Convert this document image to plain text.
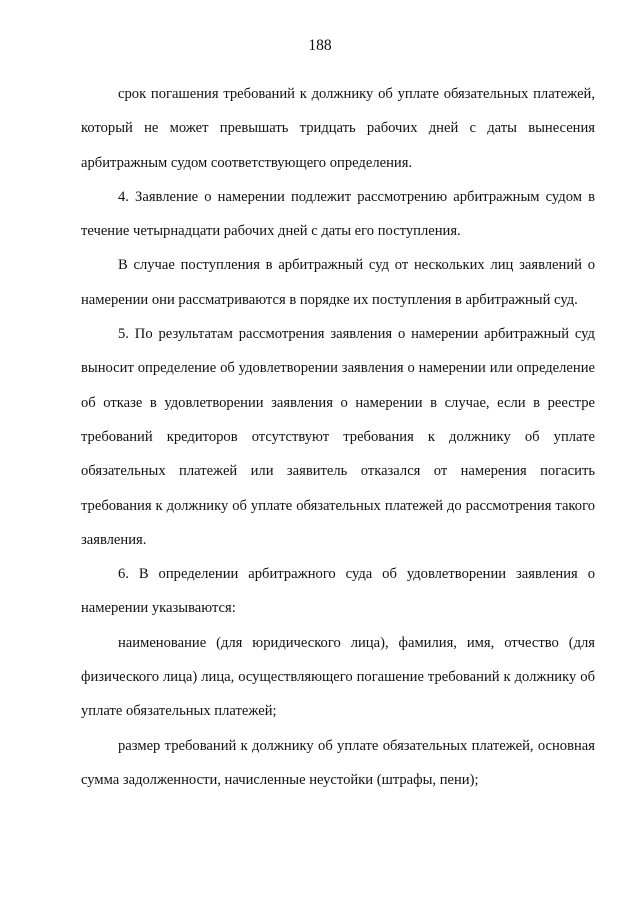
188

срок погашения требований к должнику об уплате обязательных платежей, который не может превышать тридцать рабочих дней с даты вынесения арбитражным судом соответствующего определения.

4. Заявление о намерении подлежит рассмотрению арбитражным судом в течение четырнадцати рабочих дней с даты его поступления.

В случае поступления в арбитражный суд от нескольких лиц заявлений о намерении они рассматриваются в порядке их поступления в арбитражный суд.

5. По результатам рассмотрения заявления о намерении арбитражный суд выносит определение об удовлетворении заявления о намерении или определение об отказе в удовлетворении заявления о намерении в случае, если в реестре требований кредиторов отсутствуют требования к должнику об уплате обязательных платежей или заявитель отказался от намерения погасить требования к должнику об уплате обязательных платежей до рассмотрения такого заявления.

6. В определении арбитражного суда об удовлетворении заявления о намерении указываются:

наименование (для юридического лица), фамилия, имя, отчество (для физического лица) лица, осуществляющего погашение требований к должнику об уплате обязательных платежей;

размер требований к должнику об уплате обязательных платежей, основная сумма задолженности, начисленные неустойки (штрафы, пени);
